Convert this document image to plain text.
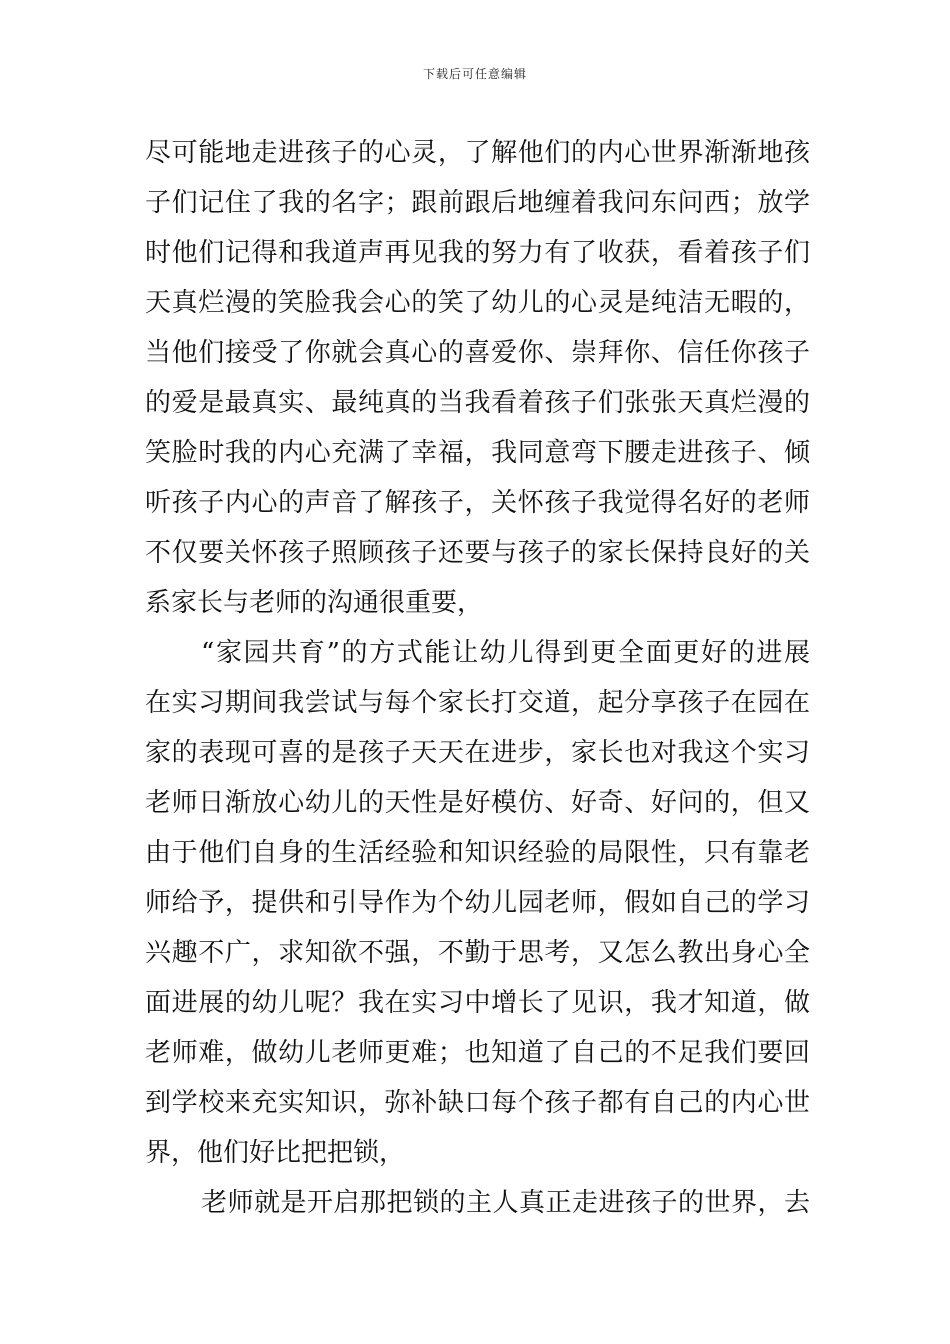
下载后可任意编辑
尽可能地走进孩子的心灵，了解他们的内心世界渐渐地孩
子们记住了我的名字；跟前跟后地缠着我问东问西；放学
时他们记得和我道声再见我的努力有了收获，看着孩子们
天真烂漫的笑脸我会心的笑了幼儿的心灵是纯洁无暇的，
当他们接受了你就会真心的喜爱你、崇拜你、信任你孩子
的爱是最真实、最纯真的当我看着孩子们张张天真烂漫的
笑脸时我的内心充满了幸福，我同意弯下腰走进孩子、倾
听孩子内心的声音了解孩子，关怀孩子我觉得名好的老师
不仅要关怀孩子照顾孩子还要与孩子的家长保持良好的关
系家长与老师的沟通很重要，
“家园共育”的方式能让幼儿得到更全面更好的进展
在实习期间我尝试与每个家长打交道，起分享孩子在园在
家的表现可喜的是孩子天天在进步，家长也对我这个实习
老师日渐放心幼儿的天性是好模仿、好奇、好问的，但又
由于他们自身的生活经验和知识经验的局限性，只有靠老
师给予，提供和引导作为个幼儿园老师，假如自己的学习
兴趣不广，求知欲不强，不勤于思考，又怎么教出身心全
面进展的幼儿呢？我在实习中增长了见识，我才知道，做
老师难，做幼儿老师更难；也知道了自己的不足我们要回
到学校来充实知识，弥补缺口每个孩子都有自己的内心世
界，他们好比把把锁，
老师就是开启那把锁的主人真正走进孩子的世界，去
